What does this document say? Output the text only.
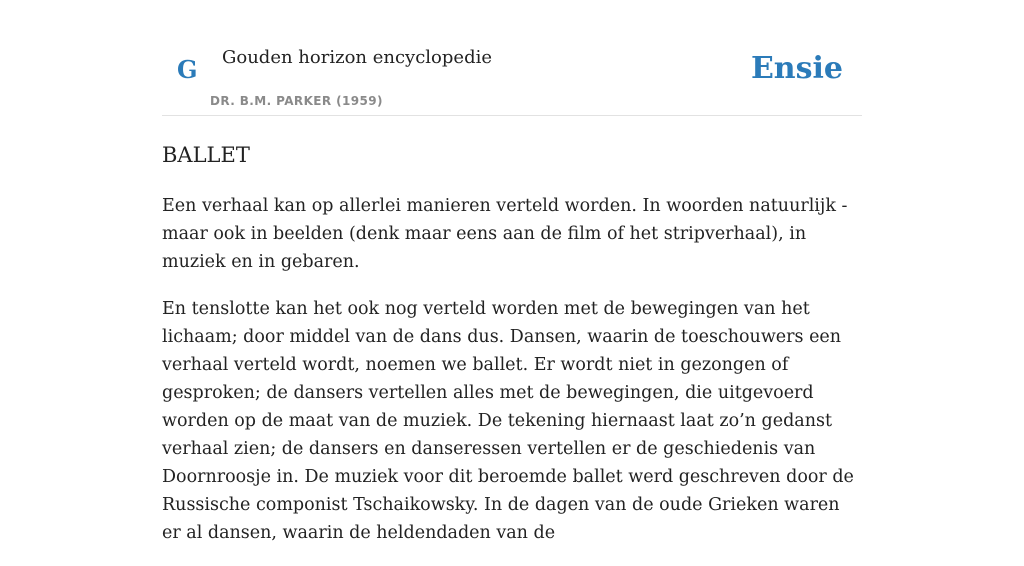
G Gouden horizon encyclopedie
DR. B.M. PARKER (1959)
Ensie
BALLET

Een verhaal kan op allerlei manieren verteld worden. In woorden natuurlijk - maar ook in beelden (denk maar eens aan de film of het stripverhaal), in muziek en in gebaren.

En tenslotte kan het ook nog verteld worden met de bewegingen van het lichaam; door middel van de dans dus. Dansen, waarin de toeschouwers een verhaal verteld wordt, noemen we ballet. Er wordt niet in gezongen of gesproken; de dansers vertellen alles met de bewegingen, die uitgevoerd worden op de maat van de muziek. De tekening hiernaast laat zo’n gedanst verhaal zien; de dansers en danseressen vertellen er de geschiedenis van Doornroosje in. De muziek voor dit beroemde ballet werd geschreven door de Russische componist Tschaikowsky. In de dagen van de oude Grieken waren er al dansen, waarin de heldendaden van de
